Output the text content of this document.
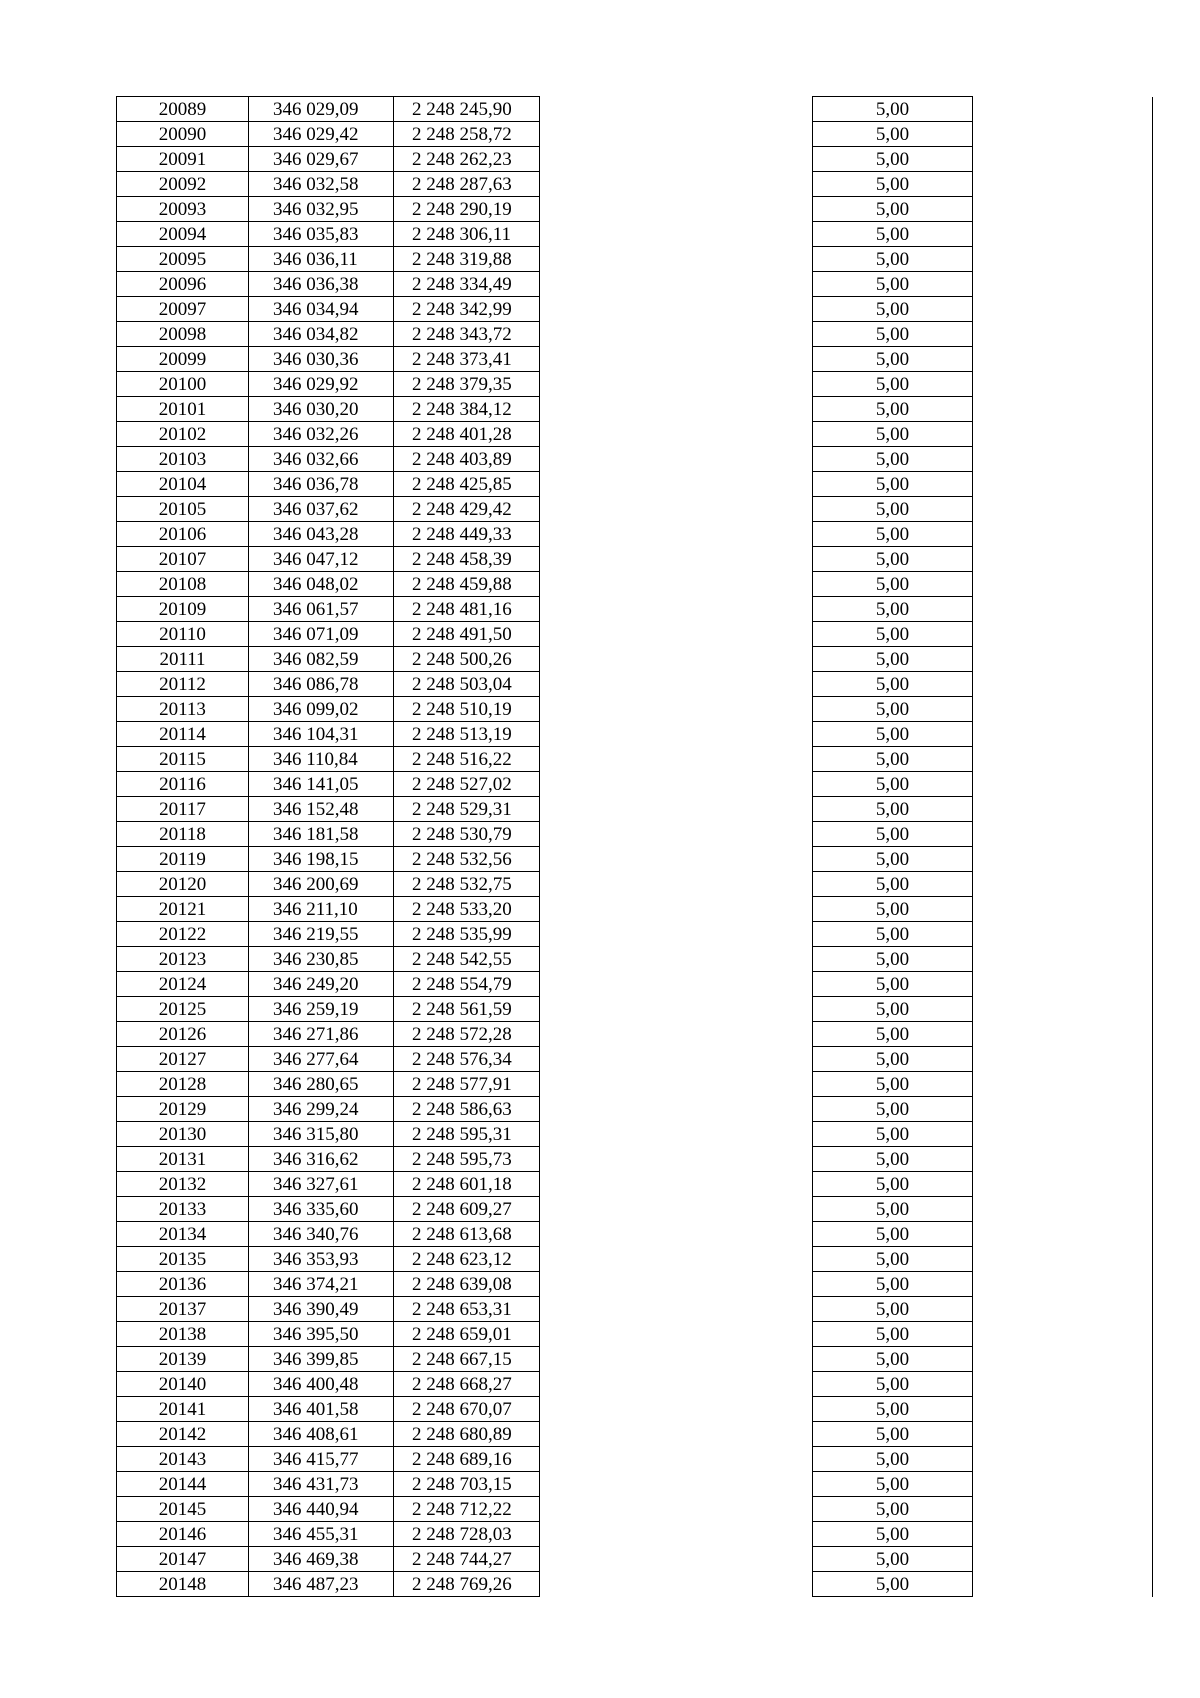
20089	346 029,09	2 248 245,90		5,00	
20090	346 029,42	2 248 258,72		5,00	
20091	346 029,67	2 248 262,23		5,00	
20092	346 032,58	2 248 287,63		5,00	
20093	346 032,95	2 248 290,19		5,00	
20094	346 035,83	2 248 306,11		5,00	
20095	346 036,11	2 248 319,88		5,00	
20096	346 036,38	2 248 334,49		5,00	
20097	346 034,94	2 248 342,99		5,00	
20098	346 034,82	2 248 343,72		5,00	
20099	346 030,36	2 248 373,41		5,00	
20100	346 029,92	2 248 379,35		5,00	
20101	346 030,20	2 248 384,12		5,00	
20102	346 032,26	2 248 401,28		5,00	
20103	346 032,66	2 248 403,89		5,00	
20104	346 036,78	2 248 425,85		5,00	
20105	346 037,62	2 248 429,42		5,00	
20106	346 043,28	2 248 449,33		5,00	
20107	346 047,12	2 248 458,39		5,00	
20108	346 048,02	2 248 459,88		5,00	
20109	346 061,57	2 248 481,16		5,00	
20110	346 071,09	2 248 491,50		5,00	
20111	346 082,59	2 248 500,26		5,00	
20112	346 086,78	2 248 503,04		5,00	
20113	346 099,02	2 248 510,19		5,00	
20114	346 104,31	2 248 513,19		5,00	
20115	346 110,84	2 248 516,22		5,00	
20116	346 141,05	2 248 527,02		5,00	
20117	346 152,48	2 248 529,31		5,00	
20118	346 181,58	2 248 530,79		5,00	
20119	346 198,15	2 248 532,56		5,00	
20120	346 200,69	2 248 532,75		5,00	
20121	346 211,10	2 248 533,20		5,00	
20122	346 219,55	2 248 535,99		5,00	
20123	346 230,85	2 248 542,55		5,00	
20124	346 249,20	2 248 554,79		5,00	
20125	346 259,19	2 248 561,59		5,00	
20126	346 271,86	2 248 572,28		5,00	
20127	346 277,64	2 248 576,34		5,00	
20128	346 280,65	2 248 577,91		5,00	
20129	346 299,24	2 248 586,63		5,00	
20130	346 315,80	2 248 595,31		5,00	
20131	346 316,62	2 248 595,73		5,00	
20132	346 327,61	2 248 601,18		5,00	
20133	346 335,60	2 248 609,27		5,00	
20134	346 340,76	2 248 613,68		5,00	
20135	346 353,93	2 248 623,12		5,00	
20136	346 374,21	2 248 639,08		5,00	
20137	346 390,49	2 248 653,31		5,00	
20138	346 395,50	2 248 659,01		5,00	
20139	346 399,85	2 248 667,15		5,00	
20140	346 400,48	2 248 668,27		5,00	
20141	346 401,58	2 248 670,07		5,00	
20142	346 408,61	2 248 680,89		5,00	
20143	346 415,77	2 248 689,16		5,00	
20144	346 431,73	2 248 703,15		5,00	
20145	346 440,94	2 248 712,22		5,00	
20146	346 455,31	2 248 728,03		5,00	
20147	346 469,38	2 248 744,27		5,00	
20148	346 487,23	2 248 769,26		5,00	
